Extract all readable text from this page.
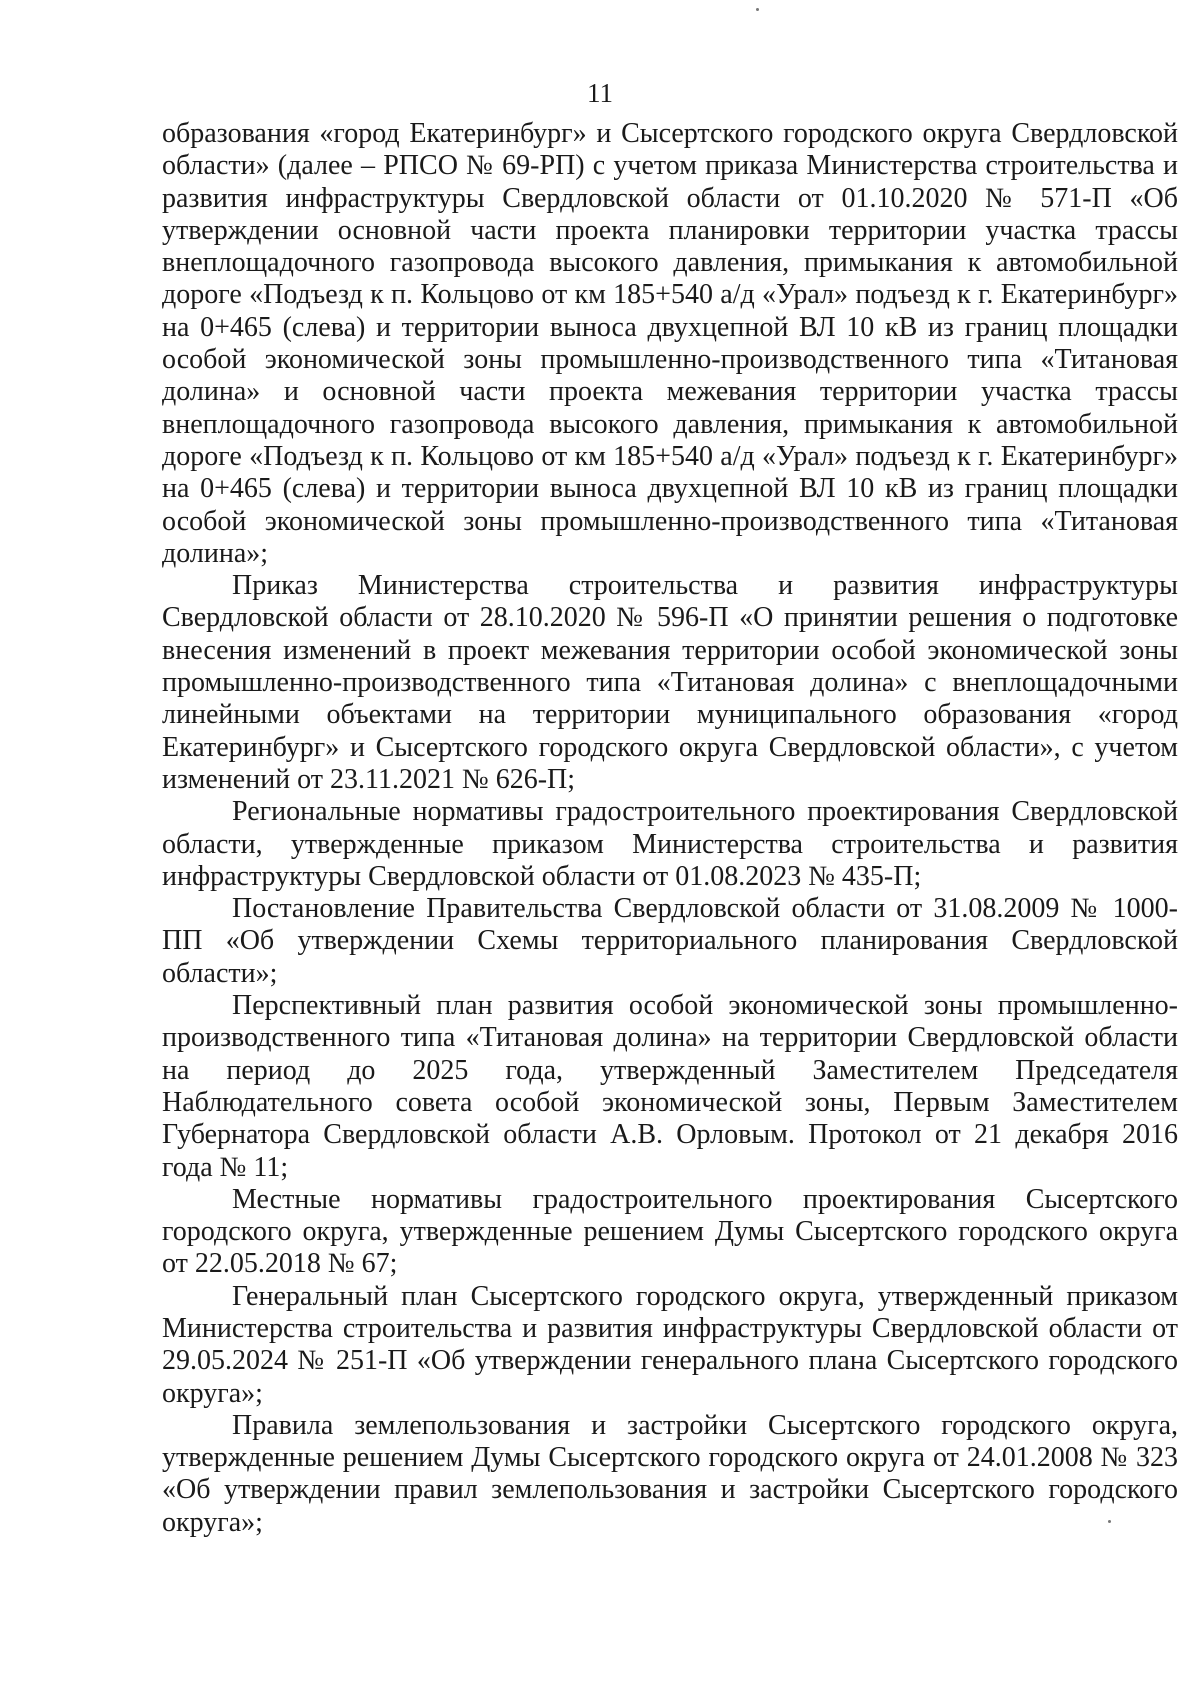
11

образования «город Екатеринбург» и Сысертского городского округа Свердловской области» (далее – РПСО № 69-РП) с учетом приказа Министерства строительства и развития инфраструктуры Свердловской области от 01.10.2020 № 571-П «Об утверждении основной части проекта планировки территории участка трассы внеплощадочного газопровода высокого давления, примыкания к автомобильной дороге «Подъезд к п. Кольцово от км 185+540 а/д «Урал» подъезд к г. Екатеринбург» на 0+465 (слева) и территории выноса двухцепной ВЛ 10 кВ из границ площадки особой экономической зоны промышленно-производственного типа «Титановая долина» и основной части проекта межевания территории участка трассы внеплощадочного газопровода высокого давления, примыкания к автомобильной дороге «Подъезд к п. Кольцово от км 185+540 а/д «Урал» подъезд к г. Екатеринбург» на 0+465 (слева) и территории выноса двухцепной ВЛ 10 кВ из границ площадки особой экономической зоны промышленно-производственного типа «Титановая долина»;

Приказ Министерства строительства и развития инфраструктуры Свердловской области от 28.10.2020 № 596-П «О принятии решения о подготовке внесения изменений в проект межевания территории особой экономической зоны промышленно-производственного типа «Титановая долина» с внеплощадочными линейными объектами на территории муниципального образования «город Екатеринбург» и Сысертского городского округа Свердловской области», с учетом изменений от 23.11.2021 № 626-П;

Региональные нормативы градостроительного проектирования Свердловской области, утвержденные приказом Министерства строительства и развития инфраструктуры Свердловской области от 01.08.2023 № 435-П;

Постановление Правительства Свердловской области от 31.08.2009 № 1000-ПП «Об утверждении Схемы территориального планирования Свердловской области»;

Перспективный план развития особой экономической зоны промышленно-производственного типа «Титановая долина» на территории Свердловской области на период до 2025 года, утвержденный Заместителем Председателя Наблюдательного совета особой экономической зоны, Первым Заместителем Губернатора Свердловской области А.В. Орловым. Протокол от 21 декабря 2016 года № 11;

Местные нормативы градостроительного проектирования Сысертского городского округа, утвержденные решением Думы Сысертского городского округа от 22.05.2018 № 67;

Генеральный план Сысертского городского округа, утвержденный приказом Министерства строительства и развития инфраструктуры Свердловской области от 29.05.2024 № 251-П «Об утверждении генерального плана Сысертского городского округа»;

Правила землепользования и застройки Сысертского городского округа, утвержденные решением Думы Сысертского городского округа от 24.01.2008 № 323 «Об утверждении правил землепользования и застройки Сысертского городского округа»;
